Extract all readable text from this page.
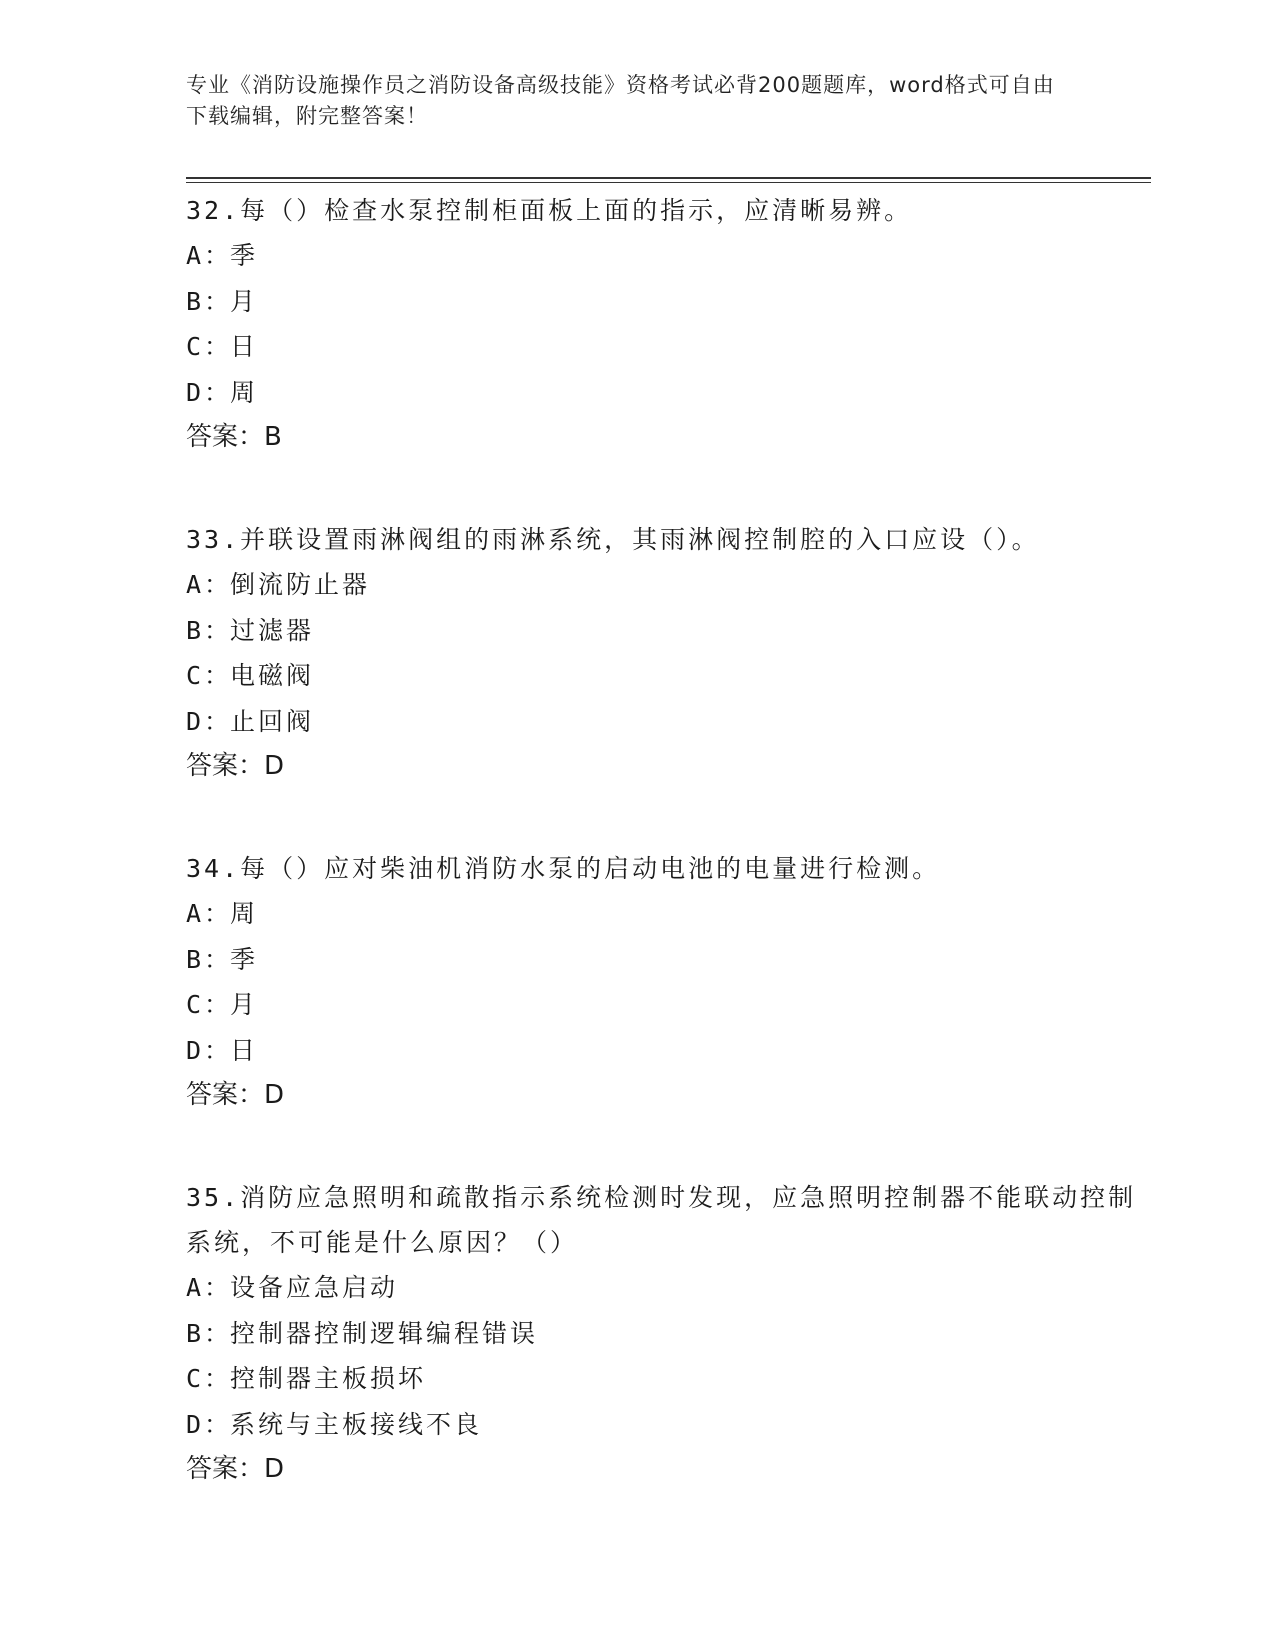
专业《消防设施操作员之消防设备高级技能》资格考试必背200题题库，word格式可自由下载编辑，附完整答案！

32.每（）检查水泵控制柜面板上面的指示，应清晰易辨。

A：季

B：月

C：日

D：周

答案：B

33.并联设置雨淋阀组的雨淋系统，其雨淋阀控制腔的入口应设（）。

A：倒流防止器

B：过滤器

C：电磁阀

D：止回阀

答案：D

34.每（）应对柴油机消防水泵的启动电池的电量进行检测。

A：周

B：季

C：月

D：日

答案：D

35.消防应急照明和疏散指示系统检测时发现，应急照明控制器不能联动控制系统，不可能是什么原因？（）

A：设备应急启动

B：控制器控制逻辑编程错误

C：控制器主板损坏

D：系统与主板接线不良

答案：D
